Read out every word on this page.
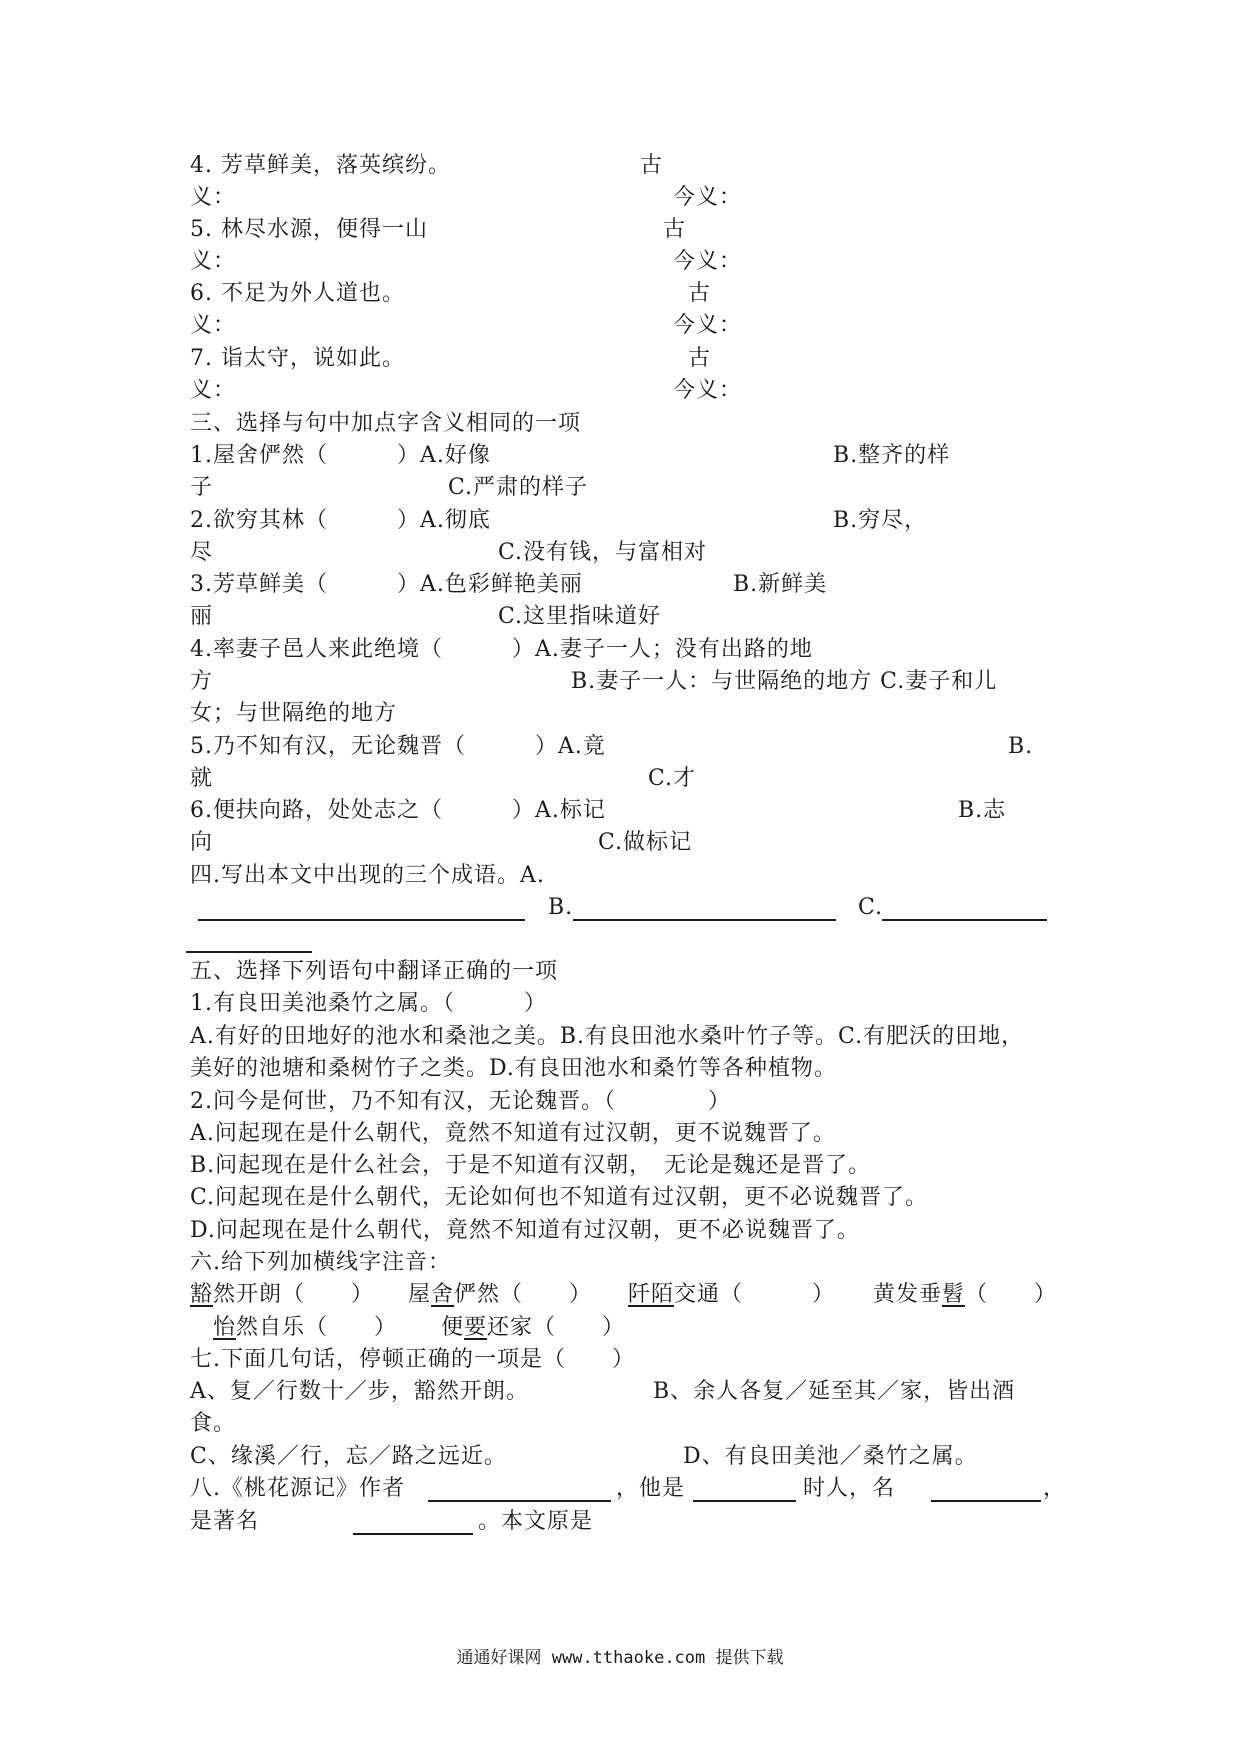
4. 芳草鲜美，落英缤纷。	古
义：	今义：
5. 林尽水源，便得一山	古
义：	今义：
6. 不足为外人道也。	古
义：	今义：
7. 诣太守，说如此。	古
义：	今义：
三、选择与句中加点字含义相同的一项
1.屋舍俨然（　　　）A.好像	B.整齐的样
子	C.严肃的样子
2.欲穷其林（　　　）A.彻底	B.穷尽，
尽	C.没有钱，与富相对
3.芳草鲜美（　　　）A.色彩鲜艳美丽	B.新鲜美
丽	C.这里指味道好
4.率妻子邑人来此绝境（　　　）A.妻子一人；没有出路的地
方	B.妻子一人：与世隔绝的地方 C.妻子和儿
女；与世隔绝的地方
5.乃不知有汉，无论魏晋（　　　）A.竟	B.
就	C.才
6.便扶向路，处处志之（　　　）A.标记	B.志
向	C.做标记
四.写出本文中出现的三个成语。A.
B.	C.
五、选择下列语句中翻译正确的一项
1.有良田美池桑竹之属。（　　　）
A.有好的田地好的池水和桑池之美。B.有良田池水桑叶竹子等。C.有肥沃的田地，
美好的池塘和桑树竹子之类。D.有良田池水和桑竹等各种植物。
2.问今是何世，乃不知有汉，无论魏晋。（　　　　）
A.问起现在是什么朝代，竟然不知道有过汉朝，更不说魏晋了。
B.问起现在是什么社会，于是不知道有汉朝，　无论是魏还是晋了。
C.问起现在是什么朝代，无论如何也不知道有过汉朝，更不必说魏晋了。
D.问起现在是什么朝代，竟然不知道有过汉朝，更不必说魏晋了。
六.给下列加横线字注音：
豁然开朗（　　） 屋舍俨然（　　） 阡陌交通（　　　） 黄发垂髫（　　）
怡然自乐（　　） 便要还家（　　）
七.下面几句话，停顿正确的一项是（　　）
A、复／行数十／步，豁然开朗。	B、余人各复／延至其／家，皆出酒
食。
C、缘溪／行，忘／路之远近。	D、有良田美池／桑竹之属。
八.《桃花源记》作者	，他是	时人，名	，
是著名	。本文原是
通通好课网 www.tthaoke.com 提供下载
